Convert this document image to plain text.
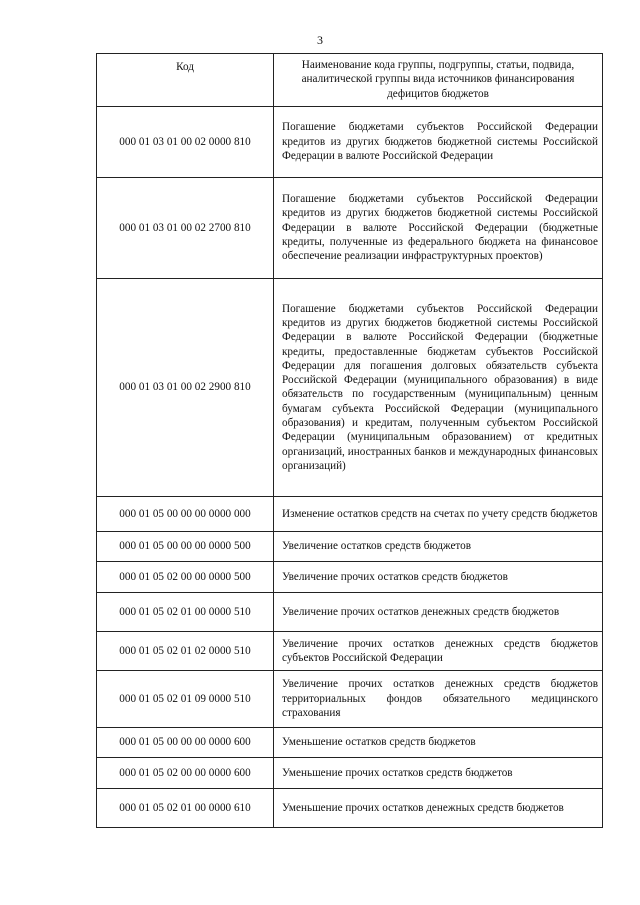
3
Код	Наименование кода группы, подгруппы, статьи, подвида, аналитической группы вида источников финансирования дефицитов бюджетов
000 01 03 01 00 02 0000 810	Погашение бюджетами субъектов Российской Федерации кредитов из других бюджетов бюджетной системы Российской Федерации в валюте Российской Федерации
000 01 03 01 00 02 2700 810	Погашение бюджетами субъектов Российской Федерации кредитов из других бюджетов бюджетной системы Российской Федерации в валюте Российской Федерации (бюджетные кредиты, полученные из федерального бюджета на финансовое обеспечение реализации инфраструктурных проектов)
000 01 03 01 00 02 2900 810	Погашение бюджетами субъектов Российской Федерации кредитов из других бюджетов бюджетной системы Российской Федерации в валюте Российской Федерации (бюджетные кредиты, предоставленные бюджетам субъектов Российской Федерации для погашения долговых обязательств субъекта Российской Федерации (муниципального образования) в виде обязательств по государственным (муниципальным) ценным бумагам субъекта Российской Федерации (муниципального образования) и кредитам, полученным субъектом Российской Федерации (муниципальным образованием) от кредитных организаций, иностранных банков и международных финансовых организаций)
000 01 05 00 00 00 0000 000	Изменение остатков средств на счетах по учету средств бюджетов
000 01 05 00 00 00 0000 500	Увеличение остатков средств бюджетов
000 01 05 02 00 00 0000 500	Увеличение прочих остатков средств бюджетов
000 01 05 02 01 00 0000 510	Увеличение прочих остатков денежных средств бюджетов
000 01 05 02 01 02 0000 510	Увеличение прочих остатков денежных средств бюджетов субъектов Российской Федерации
000 01 05 02 01 09 0000 510	Увеличение прочих остатков денежных средств бюджетов территориальных фондов обязательного медицинского страхования
000 01 05 00 00 00 0000 600	Уменьшение остатков средств бюджетов
000 01 05 02 00 00 0000 600	Уменьшение прочих остатков средств бюджетов
000 01 05 02 01 00 0000 610	Уменьшение прочих остатков денежных средств бюджетов
